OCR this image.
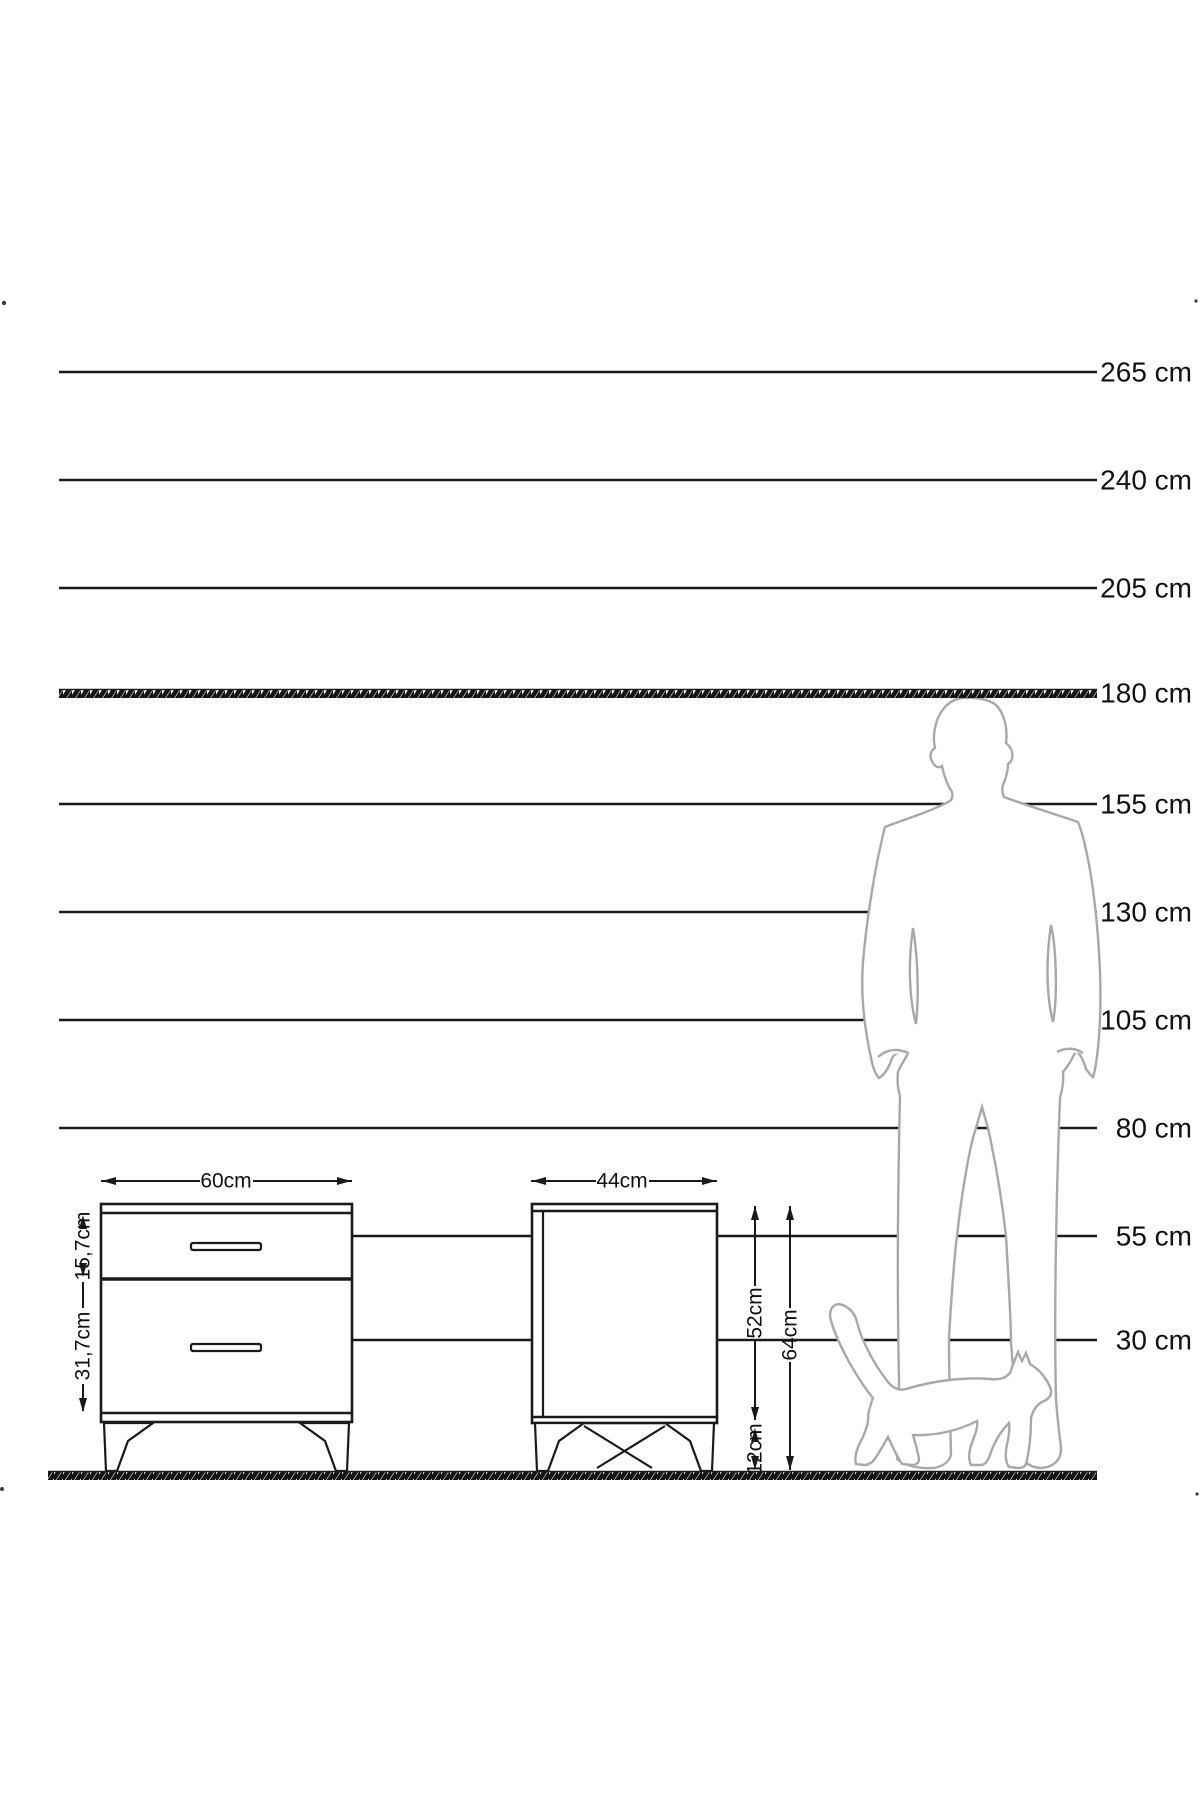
60cm	44cm
15,7cm
31,7cm	52cm
12cm
64cm
265 cm
240 cm
205 cm
180 cm
155 cm
130 cm
105 cm
80 cm
55 cm
30 cm
